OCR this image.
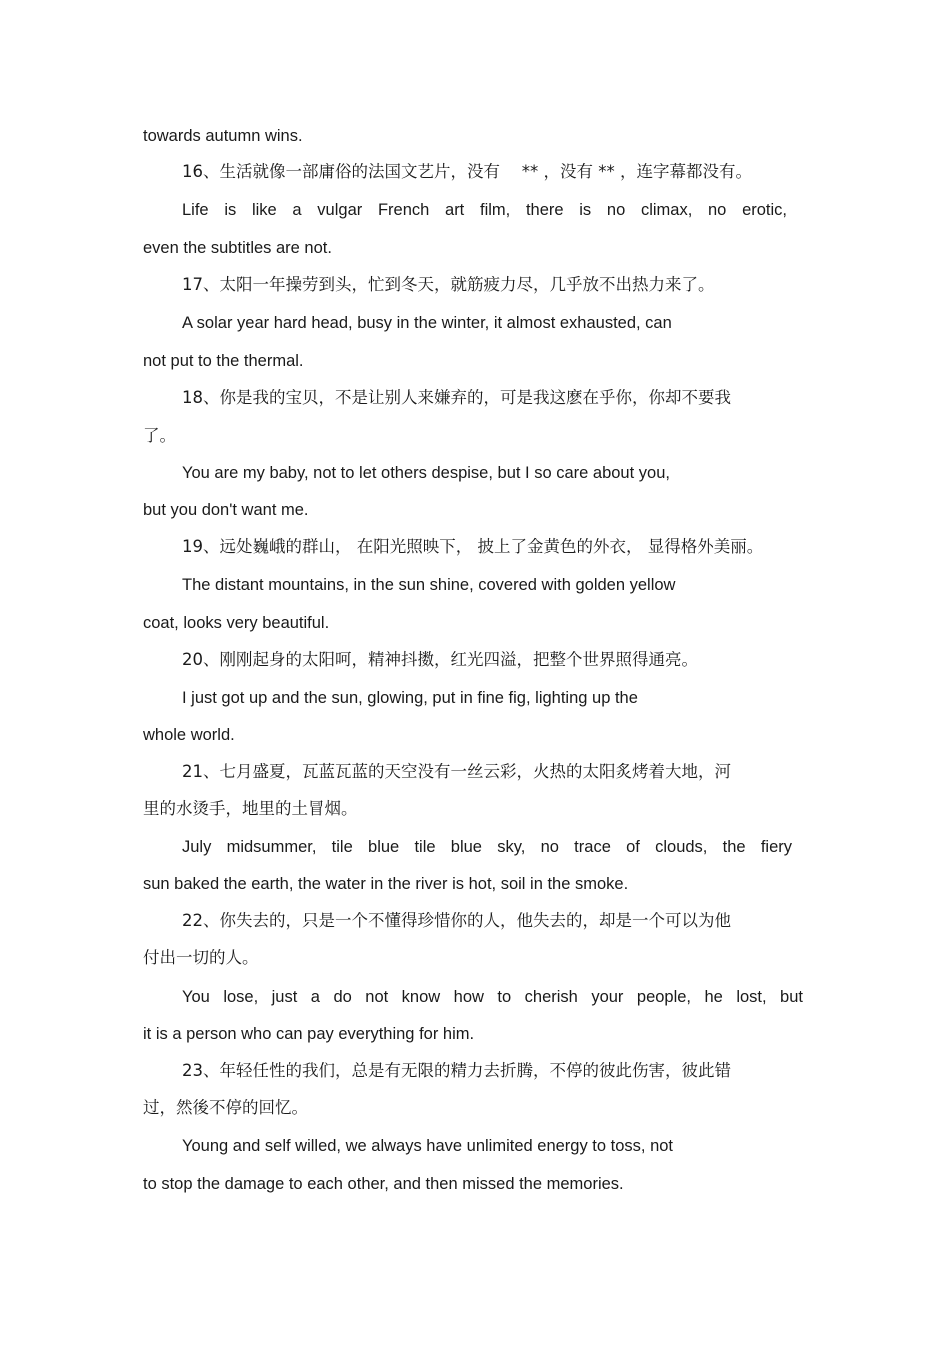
towards autumn wins.
16、生活就像一部庸俗的法国文艺片，没有　 ** ，没有 ** ，连字幕都没有。
Life is like a vulgar French art film, there is no climax, no erotic,
even the subtitles are not.
17、太阳一年操劳到头，忙到冬天，就筋疲力尽，几乎放不出热力来了。
A solar year hard head, busy in the winter, it almost exhausted, can
not put to the thermal.
18、你是我的宝贝，不是让别人来嫌弃的，可是我这麽在乎你，你却不要我
了。
You are my baby, not to let others despise, but I so care about you,
but you don't want me.
19、远处巍峨的群山， 在阳光照映下， 披上了金黄色的外衣， 显得格外美丽。
The distant mountains, in the sun shine, covered with golden yellow
coat, looks very beautiful.
20、刚刚起身的太阳呵，精神抖擞，红光四溢，把整个世界照得通亮。
I just got up and the sun, glowing, put in fine fig, lighting up the
whole world.
21、七月盛夏，瓦蓝瓦蓝的天空没有一丝云彩，火热的太阳炙烤着大地，河
里的水烫手，地里的土冒烟。
July midsummer, tile blue tile blue sky, no trace of clouds, the fiery
sun baked the earth, the water in the river is hot, soil in the smoke.
22、你失去的，只是一个不懂得珍惜你的人，他失去的，却是一个可以为他
付出一切的人。
You lose, just a do not know how to cherish your people, he lost, but
it is a person who can pay everything for him.
23、年轻任性的我们，总是有无限的精力去折腾，不停的彼此伤害，彼此错
过，然後不停的回忆。
Young and self willed, we always have unlimited energy to toss, not
to stop the damage to each other, and then missed the memories.
